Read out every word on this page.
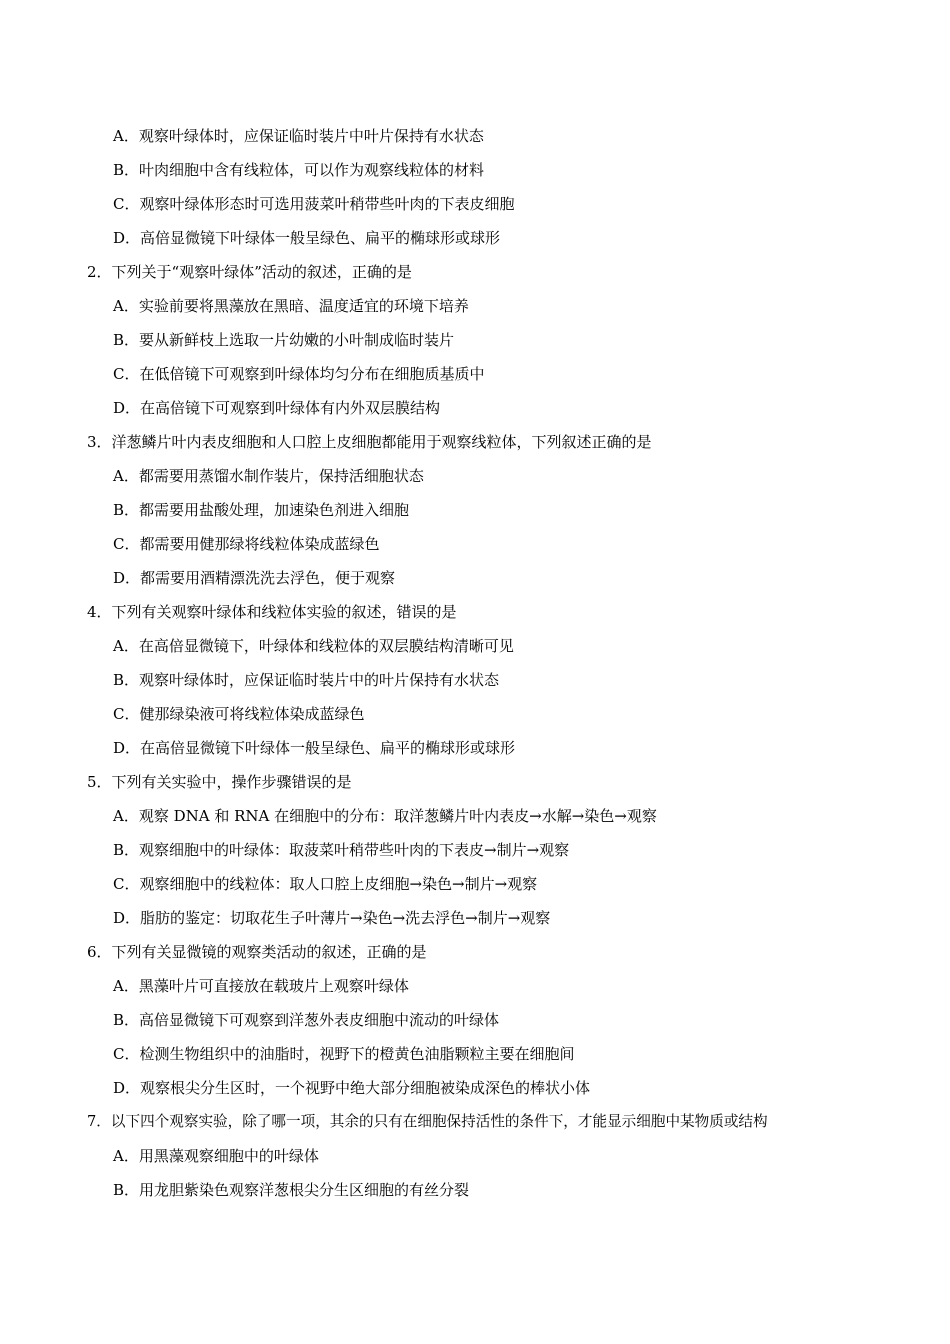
A．观察叶绿体时，应保证临时装片中叶片保持有水状态
B．叶肉细胞中含有线粒体，可以作为观察线粒体的材料
C．观察叶绿体形态时可选用菠菜叶稍带些叶肉的下表皮细胞
D．高倍显微镜下叶绿体一般呈绿色、扁平的椭球形或球形
2．下列关于“观察叶绿体”活动的叙述，正确的是
A．实验前要将黑藻放在黑暗、温度适宜的环境下培养
B．要从新鲜枝上选取一片幼嫩的小叶制成临时装片
C．在低倍镜下可观察到叶绿体均匀分布在细胞质基质中
D．在高倍镜下可观察到叶绿体有内外双层膜结构
3．洋葱鳞片叶内表皮细胞和人口腔上皮细胞都能用于观察线粒体，下列叙述正确的是
A．都需要用蒸馏水制作装片，保持活细胞状态
B．都需要用盐酸处理，加速染色剂进入细胞
C．都需要用健那绿将线粒体染成蓝绿色
D．都需要用酒精漂洗洗去浮色，便于观察
4．下列有关观察叶绿体和线粒体实验的叙述，错误的是
A．在高倍显微镜下，叶绿体和线粒体的双层膜结构清晰可见
B．观察叶绿体时，应保证临时装片中的叶片保持有水状态
C．健那绿染液可将线粒体染成蓝绿色
D．在高倍显微镜下叶绿体一般呈绿色、扁平的椭球形或球形
5．下列有关实验中，操作步骤错误的是
A．观察 DNA 和 RNA 在细胞中的分布：取洋葱鳞片叶内表皮→水解→染色→观察
B．观察细胞中的叶绿体：取菠菜叶稍带些叶肉的下表皮→制片→观察
C．观察细胞中的线粒体：取人口腔上皮细胞→染色→制片→观察
D．脂肪的鉴定：切取花生子叶薄片→染色→洗去浮色→制片→观察
6．下列有关显微镜的观察类活动的叙述，正确的是
A．黑藻叶片可直接放在载玻片上观察叶绿体
B．高倍显微镜下可观察到洋葱外表皮细胞中流动的叶绿体
C．检测生物组织中的油脂时，视野下的橙黄色油脂颗粒主要在细胞间
D．观察根尖分生区时，一个视野中绝大部分细胞被染成深色的棒状小体
7．以下四个观察实验，除了哪一项，其余的只有在细胞保持活性的条件下，才能显示细胞中某物质或结构
A．用黑藻观察细胞中的叶绿体
B．用龙胆紫染色观察洋葱根尖分生区细胞的有丝分裂
